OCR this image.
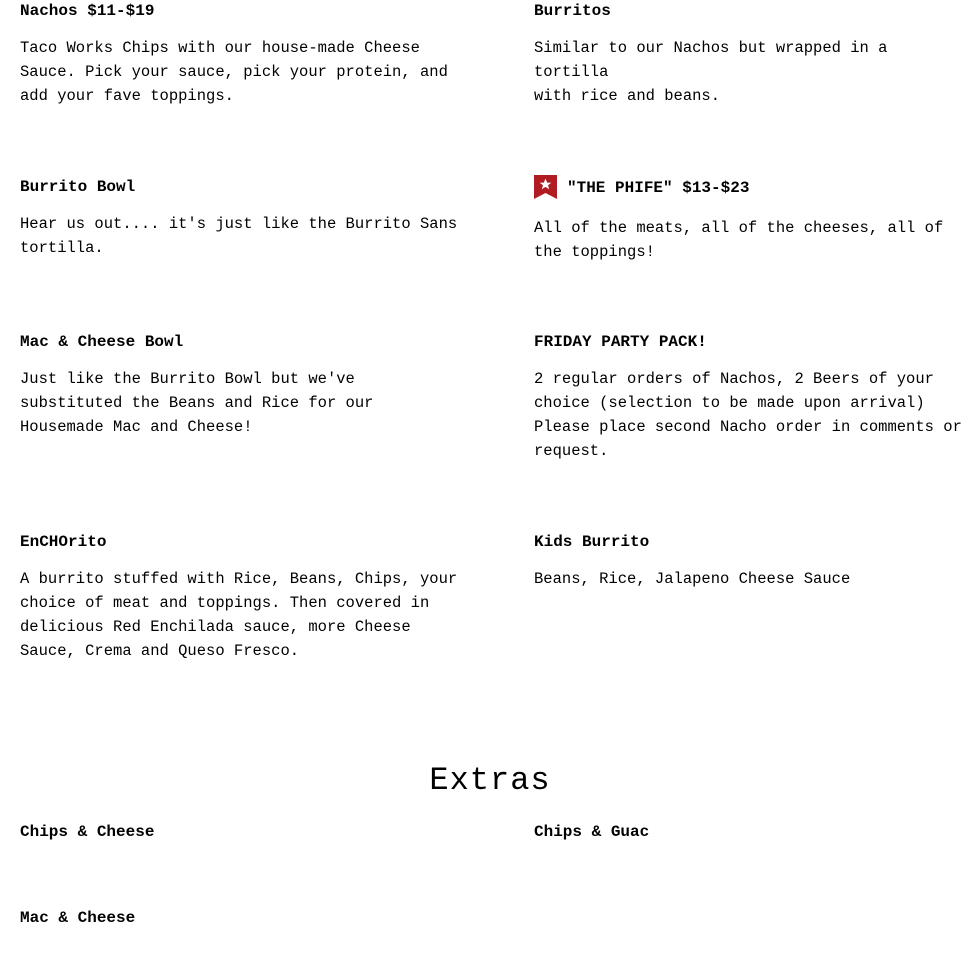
Nachos $11-$19

Taco Works Chips with our house-made Cheese
Sauce. Pick your sauce, pick your protein, and
add your fave toppings.

Burritos

Similar to our Nachos but wrapped in a tortilla
with rice and beans.

Burrito Bowl

Hear us out.... it's just like the Burrito Sans
tortilla.

"THE PHIFE" $13-$23

All of the meats, all of the cheeses, all of
the toppings!

Mac & Cheese Bowl

Just like the Burrito Bowl but we've
substituted the Beans and Rice for our
Housemade Mac and Cheese!

FRIDAY PARTY PACK!

2 regular orders of Nachos, 2 Beers of your
choice (selection to be made upon arrival)
Please place second Nacho order in comments or
request.

EnCHOrito

A burrito stuffed with Rice, Beans, Chips, your
choice of meat and toppings. Then covered in
delicious Red Enchilada sauce, more Cheese
Sauce, Crema and Queso Fresco.

Kids Burrito

Beans, Rice, Jalapeno Cheese Sauce

Extras
Chips & Cheese	Chips & Guac
Mac & Cheese
